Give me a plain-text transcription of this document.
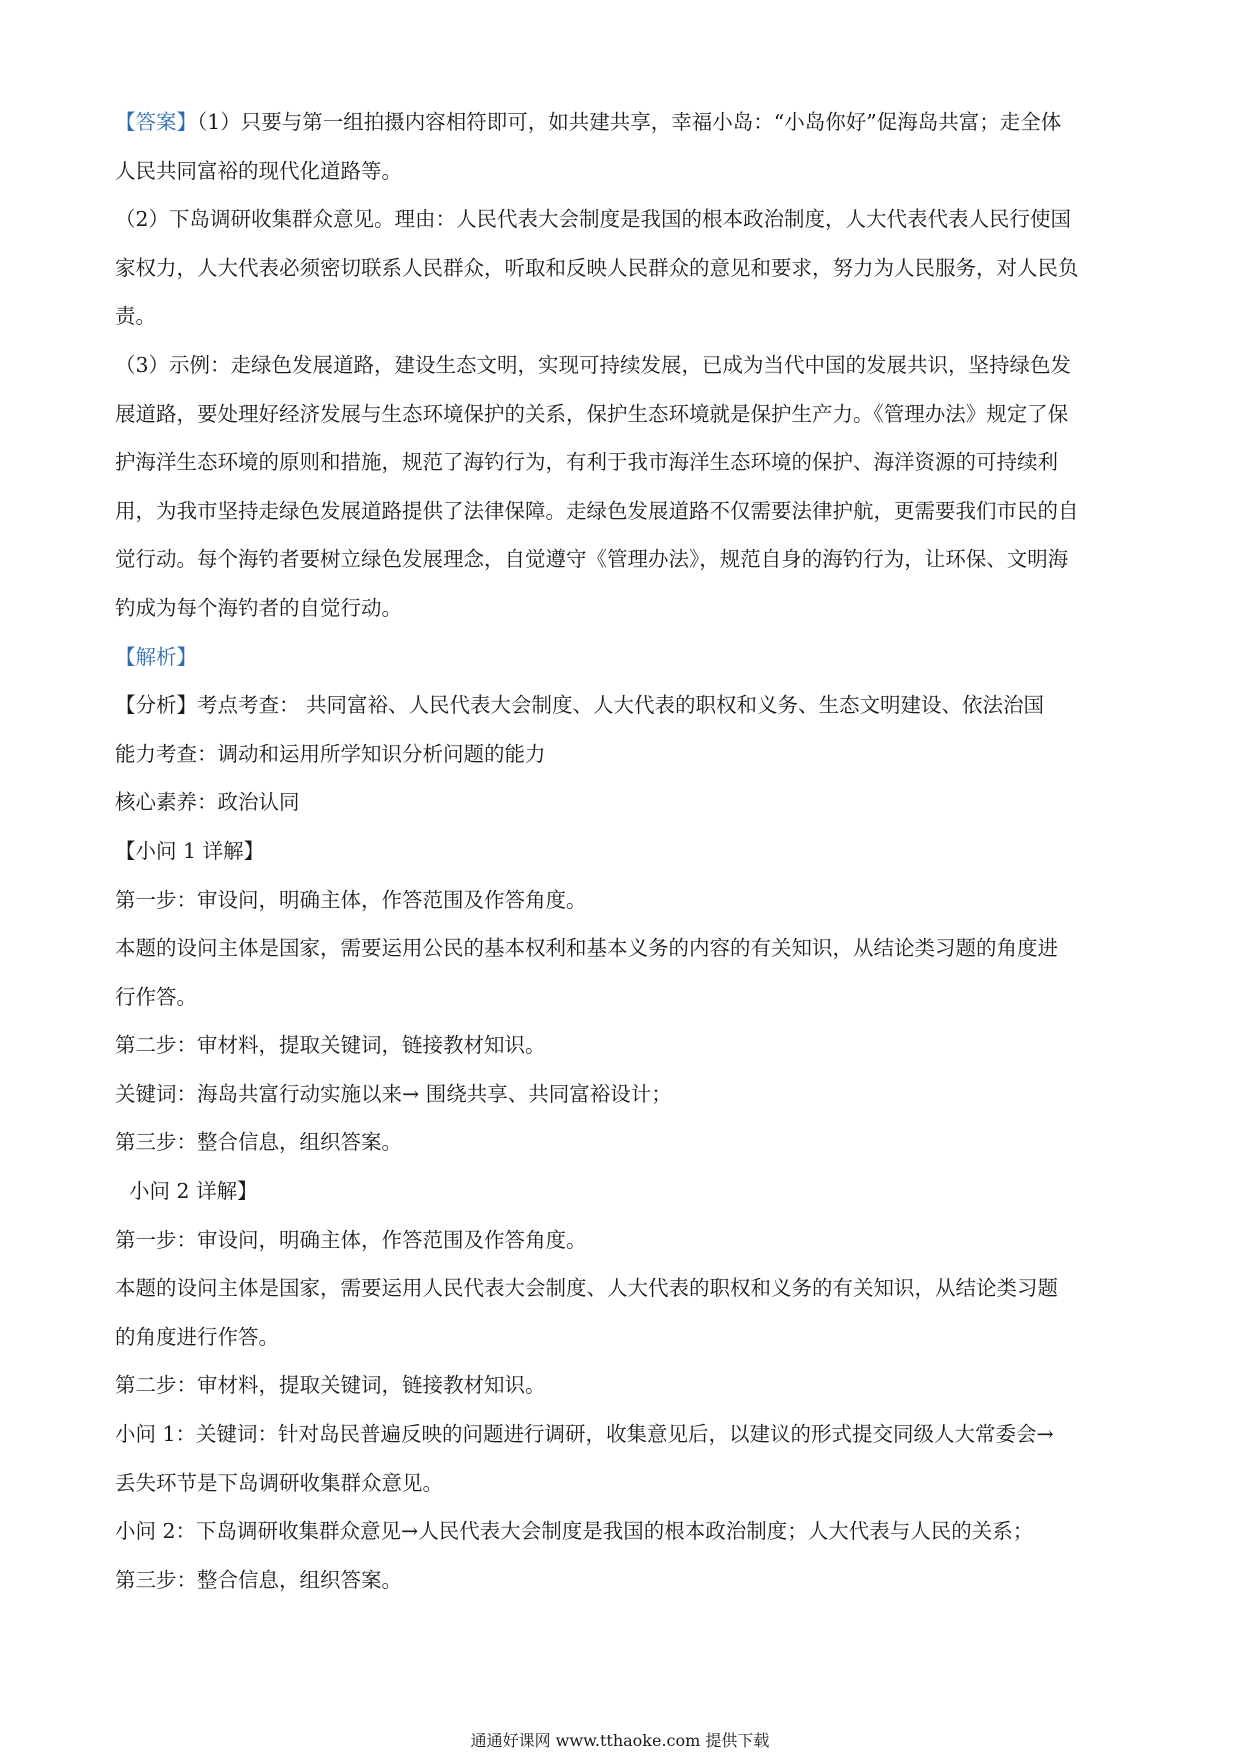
【答案】（1）只要与第一组拍摄内容相符即可，如共建共享，幸福小岛：“小岛你好”促海岛共富；走全体

人民共同富裕的现代化道路等。

（2）下岛调研收集群众意见。理由：人民代表大会制度是我国的根本政治制度，人大代表代表人民行使国

家权力，人大代表必须密切联系人民群众，听取和反映人民群众的意见和要求，努力为人民服务，对人民负

责。

（3）示例：走绿色发展道路，建设生态文明，实现可持续发展，已成为当代中国的发展共识，坚持绿色发

展道路，要处理好经济发展与生态环境保护的关系，保护生态环境就是保护生产力。《管理办法》规定了保

护海洋生态环境的原则和措施，规范了海钓行为，有利于我市海洋生态环境的保护、海洋资源的可持续利

用，为我市坚持走绿色发展道路提供了法律保障。走绿色发展道路不仅需要法律护航，更需要我们市民的自

觉行动。每个海钓者要树立绿色发展理念，自觉遵守《管理办法》，规范自身的海钓行为，让环保、文明海

钓成为每个海钓者的自觉行动。

【解析】

【分析】考点考查： 共同富裕、人民代表大会制度、人大代表的职权和义务、生态文明建设、依法治国

能力考查：调动和运用所学知识分析问题的能力

核心素养：政治认同

【小问 1 详解】

第一步：审设问，明确主体，作答范围及作答角度。

本题的设问主体是国家，需要运用公民的基本权利和基本义务的内容的有关知识，从结论类习题的角度进

行作答。

第二步：审材料，提取关键词，链接教材知识。

关键词：海岛共富行动实施以来→ 围绕共享、共同富裕设计；

第三步：整合信息，组织答案。

小问 2 详解】

第一步：审设问，明确主体，作答范围及作答角度。

本题的设问主体是国家，需要运用人民代表大会制度、人大代表的职权和义务的有关知识，从结论类习题

的角度进行作答。

第二步：审材料，提取关键词，链接教材知识。

小问 1：关键词：针对岛民普遍反映的问题进行调研，收集意见后，以建议的形式提交同级人大常委会→

丢失环节是下岛调研收集群众意见。

小问 2：下岛调研收集群众意见→人民代表大会制度是我国的根本政治制度；人大代表与人民的关系；

第三步：整合信息，组织答案。

通通好课网 www.tthaoke.com 提供下载
